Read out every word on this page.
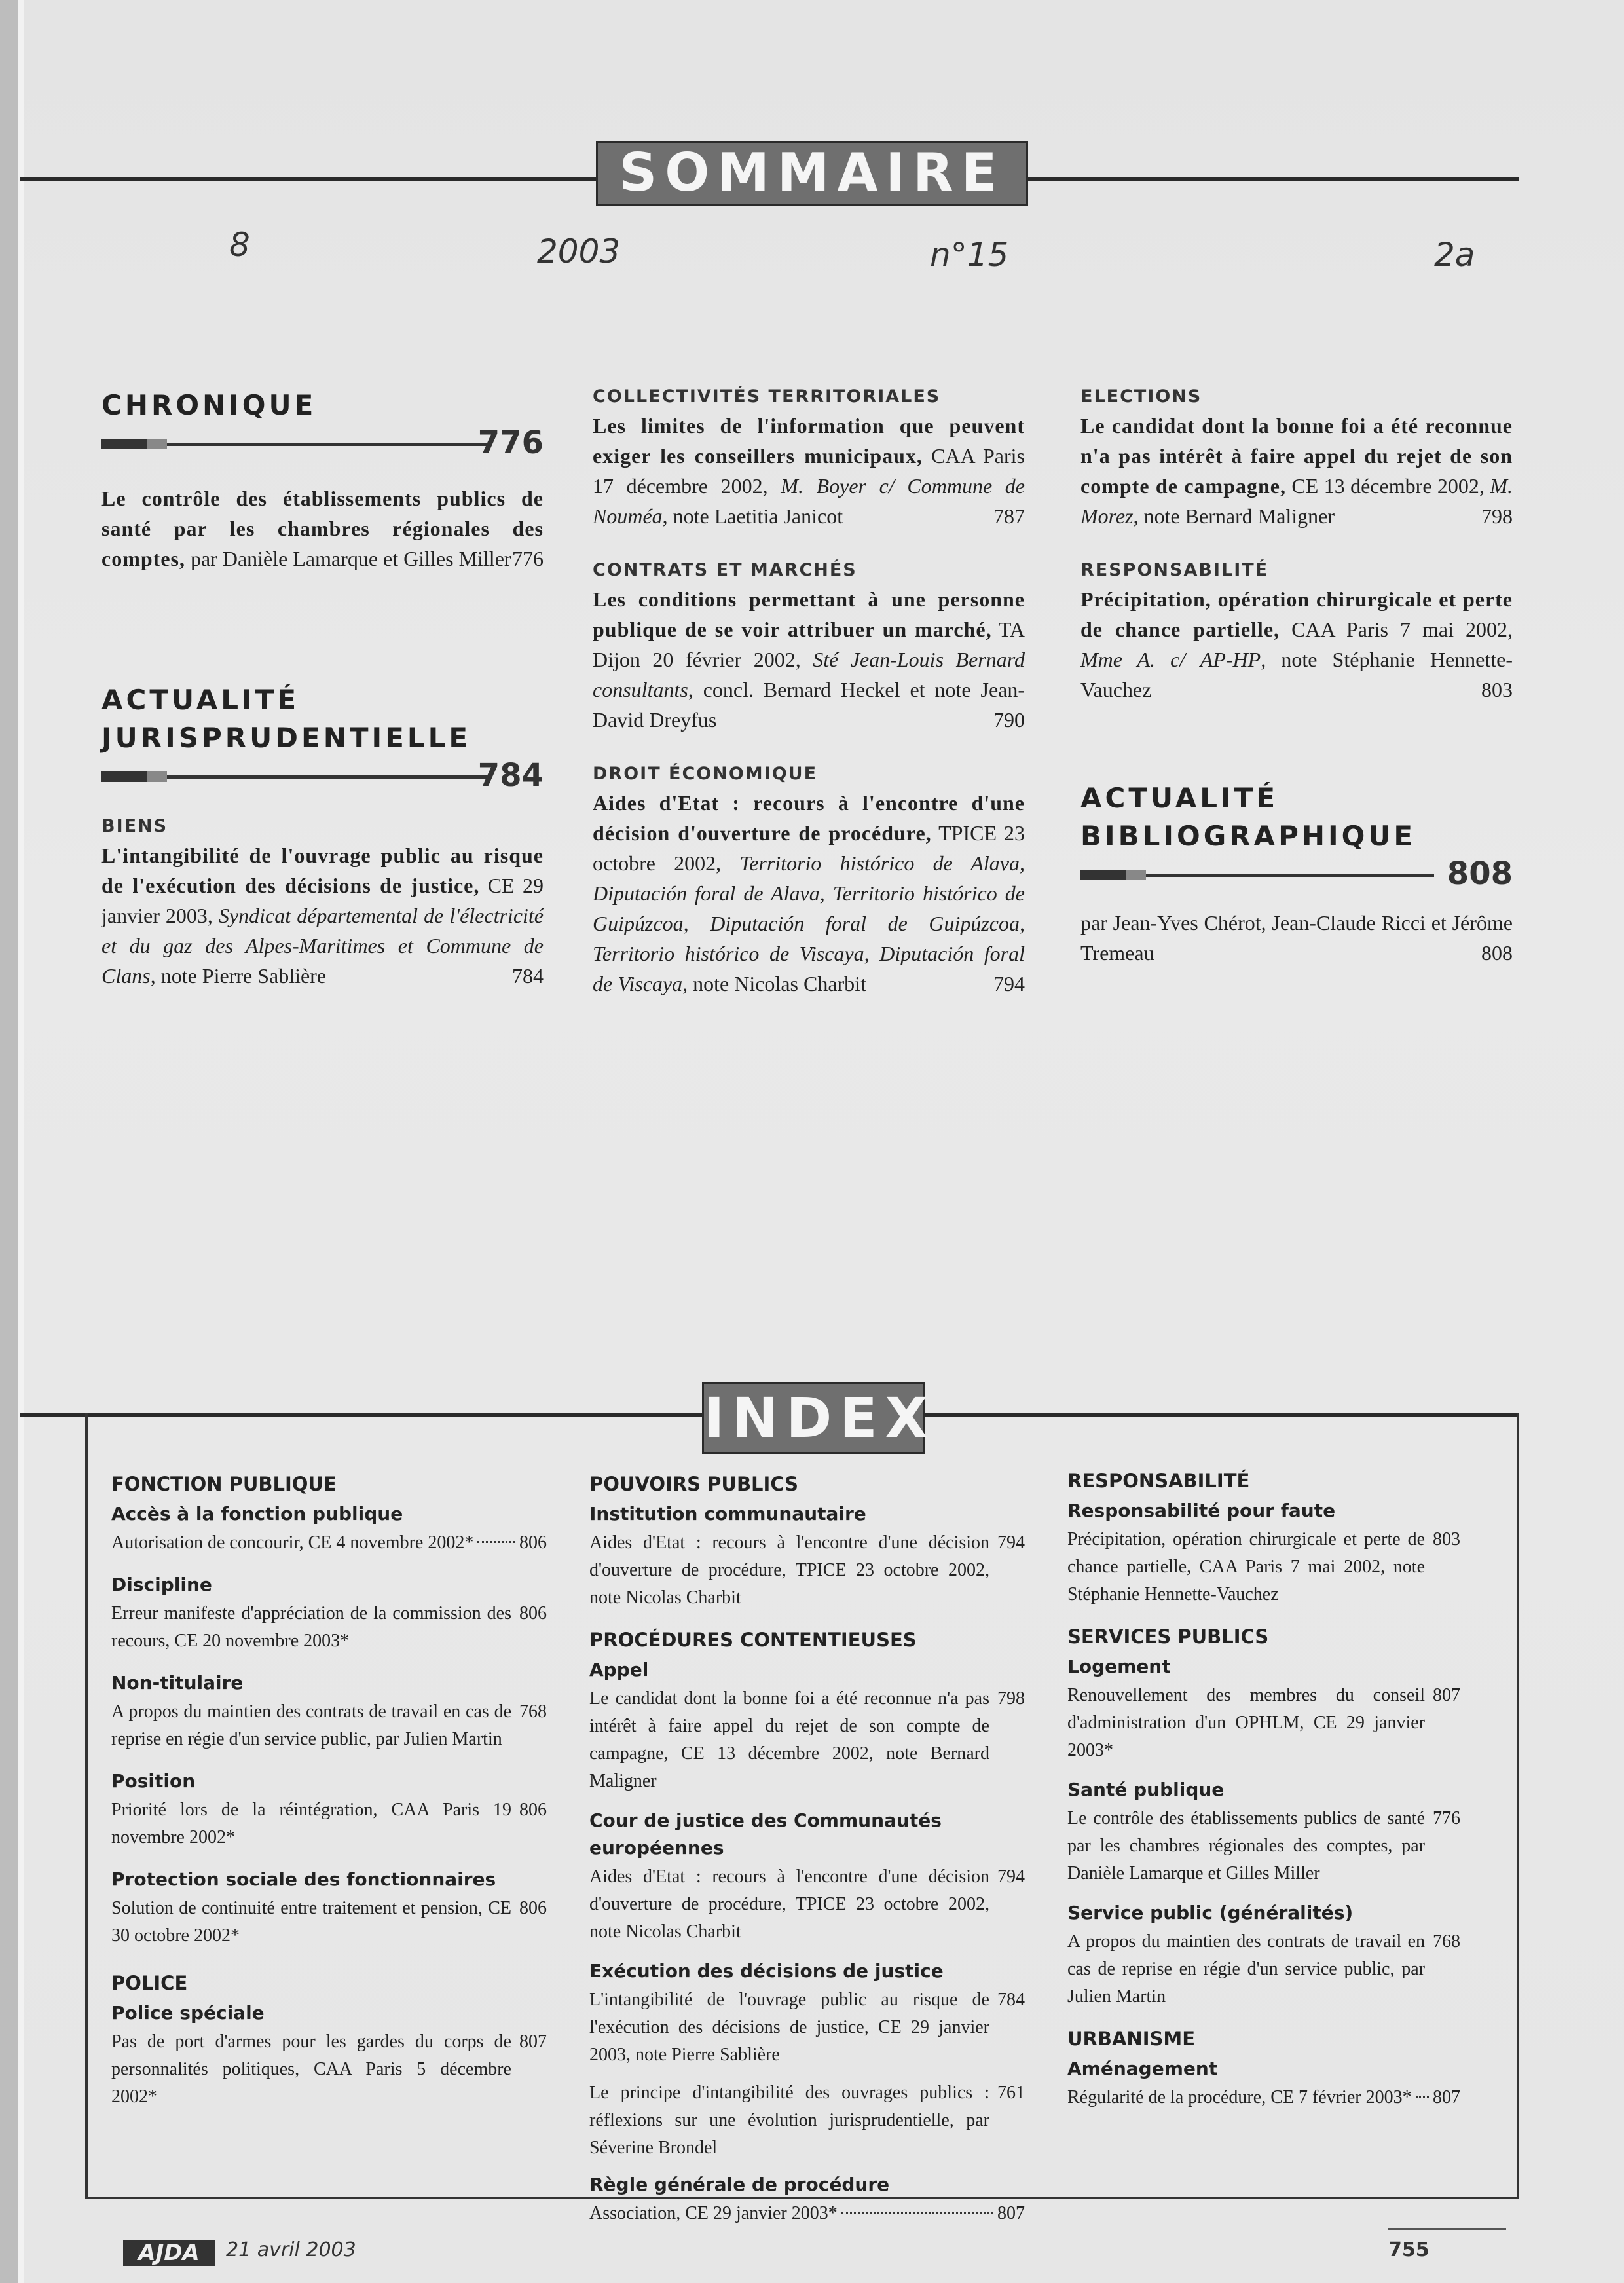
SOMMAIRE
8	2003	n°15	2a
CHRONIQUE
776
Le contrôle des établissements publics de santé par les chambres régionales des comptes, par Danièle Lamarque et Gilles Miller 776
ACTUALITÉ
JURISPRUDENTIELLE
784
BIENS
L'intangibilité de l'ouvrage public au risque de l'exécution des décisions de justice, CE 29 janvier 2003, Syndicat départemental de l'électricité et du gaz des Alpes-Maritimes et Commune de Clans, note Pierre Sablière	784
COLLECTIVITÉS TERRITORIALES
Les limites de l'information que peuvent exiger les conseillers municipaux, CAA Paris 17 décembre 2002, M. Boyer c/ Commune de Nouméa, note Laetitia Janicot	787
CONTRATS ET MARCHÉS
Les conditions permettant à une personne publique de se voir attribuer un marché, TA Dijon 20 février 2002, Sté Jean-Louis Bernard consultants, concl. Bernard Heckel et note Jean-David Dreyfus	790
DROIT ÉCONOMIQUE
Aides d'Etat : recours à l'encontre d'une décision d'ouverture de procédure, TPICE 23 octobre 2002, Territorio histórico de Alava, Diputación foral de Alava, Territorio histórico de Guipúzcoa, Diputación foral de Guipúzcoa, Territorio histórico de Viscaya, Diputación foral de Viscaya, note Nicolas Charbit	794
ELECTIONS
Le candidat dont la bonne foi a été reconnue n'a pas intérêt à faire appel du rejet de son compte de campagne, CE 13 décembre 2002, M. Morez, note Bernard Maligner	798
RESPONSABILITÉ
Précipitation, opération chirurgicale et perte de chance partielle, CAA Paris 7 mai 2002, Mme A. c/ AP-HP, note Stéphanie Hennette-Vauchez	803
ACTUALITÉ
BIBLIOGRAPHIQUE
808
par Jean-Yves Chérot, Jean-Claude Ricci et Jérôme Tremeau	808
INDEX
FONCTION PUBLIQUE
Accès à la fonction publique
Autorisation de concourir, CE 4 novembre 2002* 806
Discipline
Erreur manifeste d'appréciation de la commission des recours, CE 20 novembre 2003*
806
Non-titulaire
A propos du maintien des contrats de travail en cas de reprise en régie d'un service public, par Julien Martin
768
Position
Priorité lors de la réintégration, CAA Paris 19 novembre 2002*
806
Protection sociale des fonctionnaires
Solution de continuité entre traitement et pension, CE 30 octobre 2002*
806
POLICE
Police spéciale
Pas de port d'armes pour les gardes du corps de personnalités politiques, CAA Paris 5 décembre 2002*
807
POUVOIRS PUBLICS
Institution communautaire
Aides d'Etat : recours à l'encontre d'une décision d'ouverture de procédure, TPICE 23 octobre 2002, note Nicolas Charbit
794
PROCÉDURES CONTENTIEUSES
Appel
Le candidat dont la bonne foi a été reconnue n'a pas intérêt à faire appel du rejet de son compte de campagne, CE 13 décembre 2002, note Bernard Maligner
798
Cour de justice des Communautés européennes
Aides d'Etat : recours à l'encontre d'une décision d'ouverture de procédure, TPICE 23 octobre 2002, note Nicolas Charbit
794
Exécution des décisions de justice
L'intangibilité de l'ouvrage public au risque de l'exécution des décisions de justice, CE 29 janvier 2003, note Pierre Sablière
784
Le principe d'intangibilité des ouvrages publics : réflexions sur une évolution jurisprudentielle, par Séverine Brondel
761
Règle générale de procédure
Association, CE 29 janvier 2003*	807
RESPONSABILITÉ
Responsabilité pour faute
Précipitation, opération chirurgicale et perte de chance partielle, CAA Paris 7 mai 2002, note Stéphanie Hennette-Vauchez
803
SERVICES PUBLICS
Logement
Renouvellement des membres du conseil d'administration d'un OPHLM, CE 29 janvier 2003*
807
Santé publique
Le contrôle des établissements publics de santé par les chambres régionales des comptes, par Danièle Lamarque et Gilles Miller
776
Service public (généralités)
A propos du maintien des contrats de travail en cas de reprise en régie d'un service public, par Julien Martin
768
URBANISME
Aménagement
Régularité de la procédure, CE 7 février 2003* 807
AJDA	21 avril 2003	755
